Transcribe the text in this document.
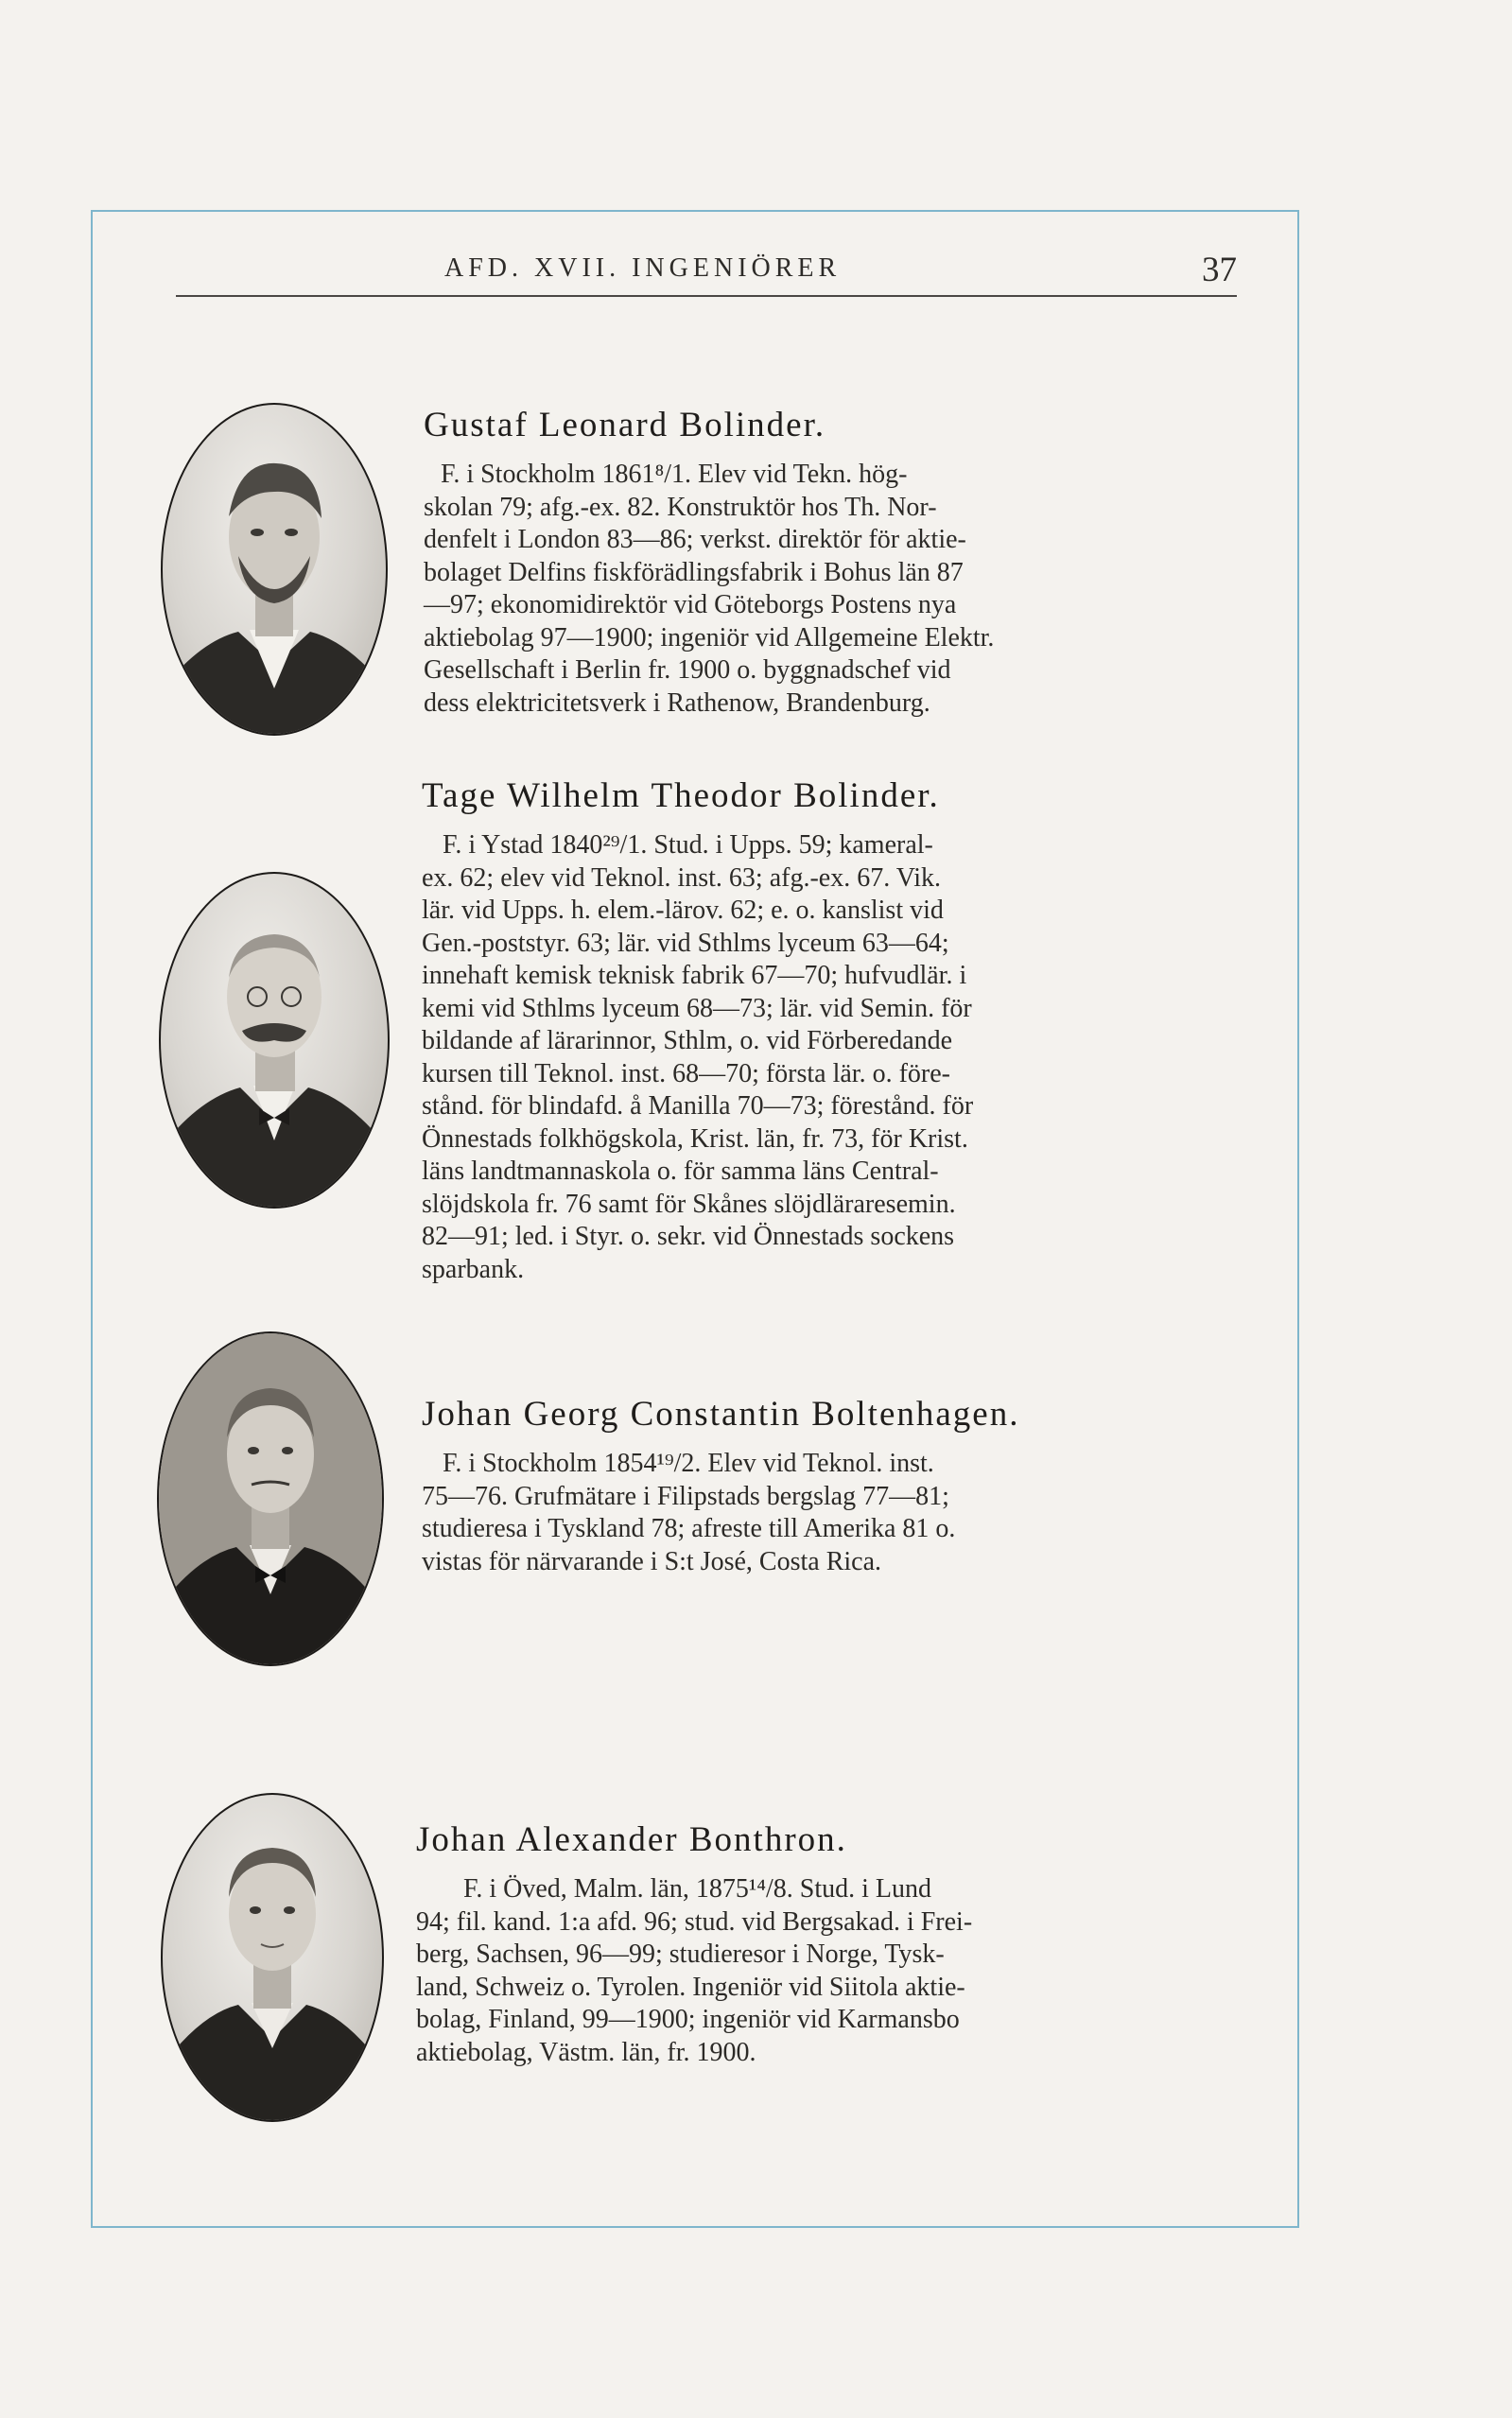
AFD. XVII. INGENIÖRER	37
Gustaf Leonard Bolinder.
F. i Stockholm 1861⁸/1. Elev vid Tekn. hög-
skolan 79; afg.-ex. 82. Konstruktör hos Th. Nor-
denfelt i London 83—86; verkst. direktör för aktie-
bolaget Delfins fiskförädlingsfabrik i Bohus län 87
—97; ekonomidirektör vid Göteborgs Postens nya
aktiebolag 97—1900; ingeniör vid Allgemeine Elektr.
Gesellschaft i Berlin fr. 1900 o. byggnadschef vid
dess elektricitetsverk i Rathenow, Brandenburg.
Tage Wilhelm Theodor Bolinder.
F. i Ystad 1840²⁹/1. Stud. i Upps. 59; kameral-
ex. 62; elev vid Teknol. inst. 63; afg.-ex. 67. Vik.
lär. vid Upps. h. elem.-lärov. 62; e. o. kanslist vid
Gen.-poststyr. 63; lär. vid Sthlms lyceum 63—64;
innehaft kemisk teknisk fabrik 67—70; hufvudlär. i
kemi vid Sthlms lyceum 68—73; lär. vid Semin. för
bildande af lärarinnor, Sthlm, o. vid Förberedande
kursen till Teknol. inst. 68—70; första lär. o. före-
stånd. för blindafd. å Manilla 70—73; förestånd. för
Önnestads folkhögskola, Krist. län, fr. 73, för Krist.
läns landtmannaskola o. för samma läns Central-
slöjdskola fr. 76 samt för Skånes slöjdläraresemin.
82—91; led. i Styr. o. sekr. vid Önnestads sockens
sparbank.
Johan Georg Constantin Boltenhagen.
F. i Stockholm 1854¹⁹/2. Elev vid Teknol. inst.
75—76. Grufmätare i Filipstads bergslag 77—81;
studieresa i Tyskland 78; afreste till Amerika 81 o.
vistas för närvarande i S:t José, Costa Rica.
Johan Alexander Bonthron.
F. i Öved, Malm. län, 1875¹⁴/8. Stud. i Lund
94; fil. kand. 1:a afd. 96; stud. vid Bergsakad. i Frei-
berg, Sachsen, 96—99; studieresor i Norge, Tysk-
land, Schweiz o. Tyrolen. Ingeniör vid Siitola aktie-
bolag, Finland, 99—1900; ingeniör vid Karmansbo
aktiebolag, Västm. län, fr. 1900.
